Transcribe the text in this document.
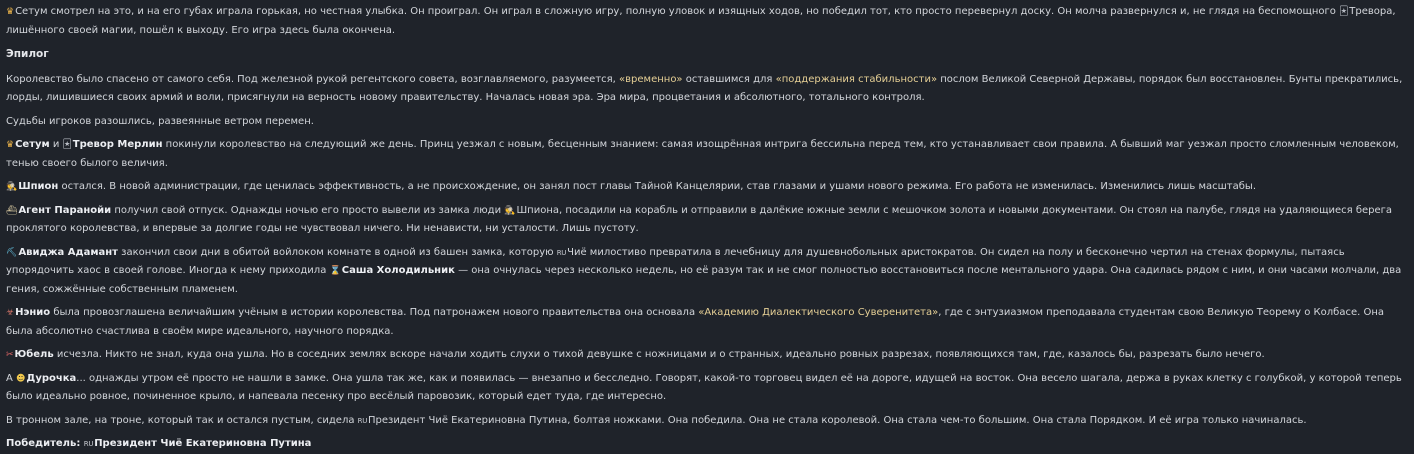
♛Сетум смотрел на это, и на его губах играла горькая, но честная улыбка. Он проиграл. Он играл в сложную игру, полную уловок и изящных ходов, но победил тот, кто просто перевернул доску. Он молча развернулся и, не глядя на беспомощного 🃏Тревора, лишённого своей магии, пошёл к выходу. Его игра здесь была окончена.

Эпилог

Королевство было спасено от самого себя. Под железной рукой регентского совета, возглавляемого, разумеется, «временно» оставшимся для «поддержания стабильности» послом Великой Северной Державы, порядок был восстановлен. Бунты прекратились, лорды, лишившиеся своих армий и воли, присягнули на верность новому правительству. Началась новая эра. Эра мира, процветания и абсолютного, тотального контроля.

Судьбы игроков разошлись, развеянные ветром перемен.

♛Сетум и 🃏Тревор Мерлин покинули королевство на следующий же день. Принц уезжал с новым, бесценным знанием: самая изощрённая интрига бессильна перед тем, кто устанавливает свои правила. А бывший маг уезжал просто сломленным человеком, тенью своего былого величия.

🕵Шпион остался. В новой администрации, где ценилась эффективность, а не происхождение, он занял пост главы Тайной Канцелярии, став глазами и ушами нового режима. Его работа не изменилась. Изменились лишь масштабы.

⛴Агент Паранойи получил свой отпуск. Однажды ночью его просто вывели из замка люди 🕵Шпиона, посадили на корабль и отправили в далёкие южные земли с мешочком золота и новыми документами. Он стоял на палубе, глядя на удаляющиеся берега проклятого королевства, и впервые за долгие годы не чувствовал ничего. Ни ненависти, ни усталости. Лишь пустоту.

⛏Авиджа Адамант закончил свои дни в обитой войлоком комнате в одной из башен замка, которую RUЧиё милостиво превратила в лечебницу для душевнобольных аристократов. Он сидел на полу и бесконечно чертил на стенах формулы, пытаясь упорядочить хаос в своей голове. Иногда к нему приходила ⌛Саша Холодильник — она очнулась через несколько недель, но её разум так и не смог полностью восстановиться после ментального удара. Она садилась рядом с ним, и они часами молчали, два гения, сожжённые собственным пламенем.

☣Нэнио была провозглашена величайшим учёным в истории королевства. Под патронажем нового правительства она основала «Академию Диалектического Суверенитета», где с энтузиазмом преподавала студентам свою Великую Теорему о Колбасе. Она была абсолютно счастлива в своём мире идеального, научного порядка.

✂Юбель исчезла. Никто не знал, куда она ушла. Но в соседних землях вскоре начали ходить слухи о тихой девушке с ножницами и о странных, идеально ровных разрезах, появляющихся там, где, казалось бы, разрезать было нечего.

А ☻Дурочка... однажды утром её просто не нашли в замке. Она ушла так же, как и появилась — внезапно и бесследно. Говорят, какой-то торговец видел её на дороге, идущей на восток. Она весело шагала, держа в руках клетку с голубкой, у которой теперь было идеально ровное, починенное крыло, и напевала песенку про весёлый паровозик, который едет туда, где интересно.

В тронном зале, на троне, который так и остался пустым, сидела RUПрезидент Чиё Екатериновна Путина, болтая ножками. Она победила. Она не стала королевой. Она стала чем-то большим. Она стала Порядком. И её игра только начиналась.

Победитель: RUПрезидент Чиё Екатериновна Путина
